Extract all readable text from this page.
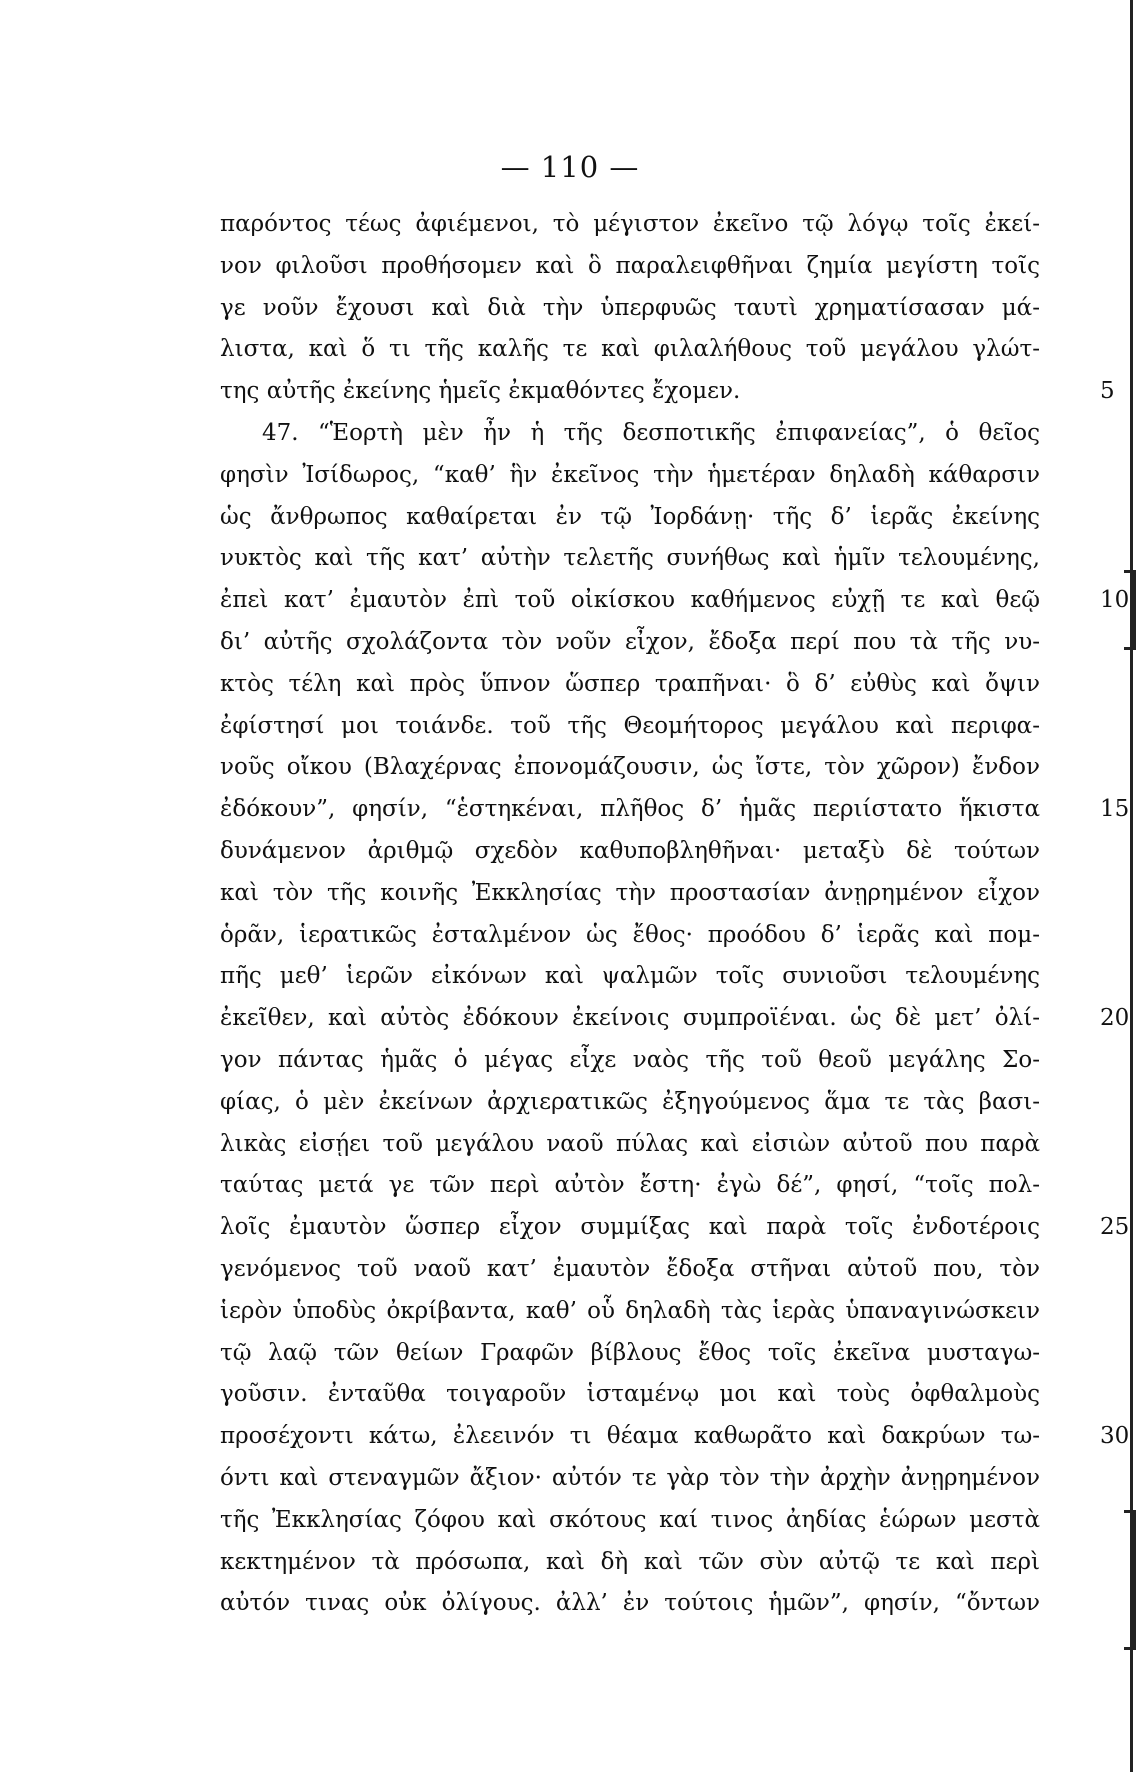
— 110 —
παρόντος τέως ἀφιέμενοι, τὸ μέγιστον ἐκεῖνο τῷ λόγῳ τοῖς ἐκεί-
νον φιλοῦσι προθήσομεν καὶ ὃ παραλειφθῆναι ζημία μεγίστη τοῖς
γε νοῦν ἔχουσι καὶ διὰ τὴν ὑπερφυῶς ταυτὶ χρηματίσασαν μά-
λιστα, καὶ ὅ τι τῆς καλῆς τε καὶ φιλαλήθους τοῦ μεγάλου γλώτ-
της αὐτῆς ἐκείνης ἡμεῖς ἐκμαθόντες ἔχομεν.
47. “Ἑορτὴ μὲν ἦν ἡ τῆς δεσποτικῆς ἐπιφανείας”, ὁ θεῖος
φησὶν Ἰσίδωρος, “καθ’ ἣν ἐκεῖνος τὴν ἡμετέραν δηλαδὴ κάθαρσιν
ὡς ἄνθρωπος καθαίρεται ἐν τῷ Ἰορδάνῃ· τῆς δ’ ἱερᾶς ἐκείνης
νυκτὸς καὶ τῆς κατ’ αὐτὴν τελετῆς συνήθως καὶ ἡμῖν τελουμένης,
ἐπεὶ κατ’ ἐμαυτὸν ἐπὶ τοῦ οἰκίσκου καθήμενος εὐχῇ τε καὶ θεῷ
δι’ αὐτῆς σχολάζοντα τὸν νοῦν εἶχον, ἔδοξα περί που τὰ τῆς νυ-
κτὸς τέλη καὶ πρὸς ὕπνον ὥσπερ τραπῆναι· ὃ δ’ εὐθὺς καὶ ὄψιν
ἐφίστησί μοι τοιάνδε. τοῦ τῆς Θεομήτορος μεγάλου καὶ περιφα-
νοῦς οἴκου (Βλαχέρνας ἐπονομάζουσιν, ὡς ἴστε, τὸν χῶρον) ἔνδον
ἐδόκουν”, φησίν, “ἑστηκέναι, πλῆθος δ’ ἡμᾶς περιίστατο ἥκιστα
δυνάμενον ἀριθμῷ σχεδὸν καθυποβληθῆναι· μεταξὺ δὲ τούτων
καὶ τὸν τῆς κοινῆς Ἐκκλησίας τὴν προστασίαν ἀνῃρημένον εἶχον
ὁρᾶν, ἱερατικῶς ἐσταλμένον ὡς ἔθος· προόδου δ’ ἱερᾶς καὶ πομ-
πῆς μεθ’ ἱερῶν εἰκόνων καὶ ψαλμῶν τοῖς συνιοῦσι τελουμένης
ἐκεῖθεν, καὶ αὐτὸς ἐδόκουν ἐκείνοις συμπροϊέναι. ὡς δὲ μετ’ ὀλί-
γον πάντας ἡμᾶς ὁ μέγας εἶχε ναὸς τῆς τοῦ θεοῦ μεγάλης Σο-
φίας, ὁ μὲν ἐκείνων ἀρχιερατικῶς ἐξηγούμενος ἅμα τε τὰς βασι-
λικὰς εἰσῄει τοῦ μεγάλου ναοῦ πύλας καὶ εἰσιὼν αὐτοῦ που παρὰ
ταύτας μετά γε τῶν περὶ αὐτὸν ἔστη· ἐγὼ δέ”, φησί, “τοῖς πολ-
λοῖς ἐμαυτὸν ὥσπερ εἶχον συμμίξας καὶ παρὰ τοῖς ἐνδοτέροις
γενόμενος τοῦ ναοῦ κατ’ ἐμαυτὸν ἔδοξα στῆναι αὐτοῦ που, τὸν
ἱερὸν ὑποδὺς ὀκρίβαντα, καθ’ οὗ δηλαδὴ τὰς ἱερὰς ὑπαναγινώσκειν
τῷ λαῷ τῶν θείων Γραφῶν βίβλους ἔθος τοῖς ἐκεῖνα μυσταγω-
γοῦσιν. ἐνταῦθα τοιγαροῦν ἱσταμένῳ μοι καὶ τοὺς ὀφθαλμοὺς
προσέχοντι κάτω, ἐλεεινόν τι θέαμα καθωρᾶτο καὶ δακρύων τω-
όντι καὶ στεναγμῶν ἄξιον· αὐτόν τε γὰρ τὸν τὴν ἀρχὴν ἀνῃρημένον
τῆς Ἐκκλησίας ζόφου καὶ σκότους καί τινος ἀηδίας ἑώρων μεστὰ
κεκτημένον τὰ πρόσωπα, καὶ δὴ καὶ τῶν σὺν αὐτῷ τε καὶ περὶ
αὐτόν τινας οὐκ ὀλίγους. ἀλλ’ ἐν τούτοις ἡμῶν”, φησίν, “ὄντων
5
10
15
20
25
30
